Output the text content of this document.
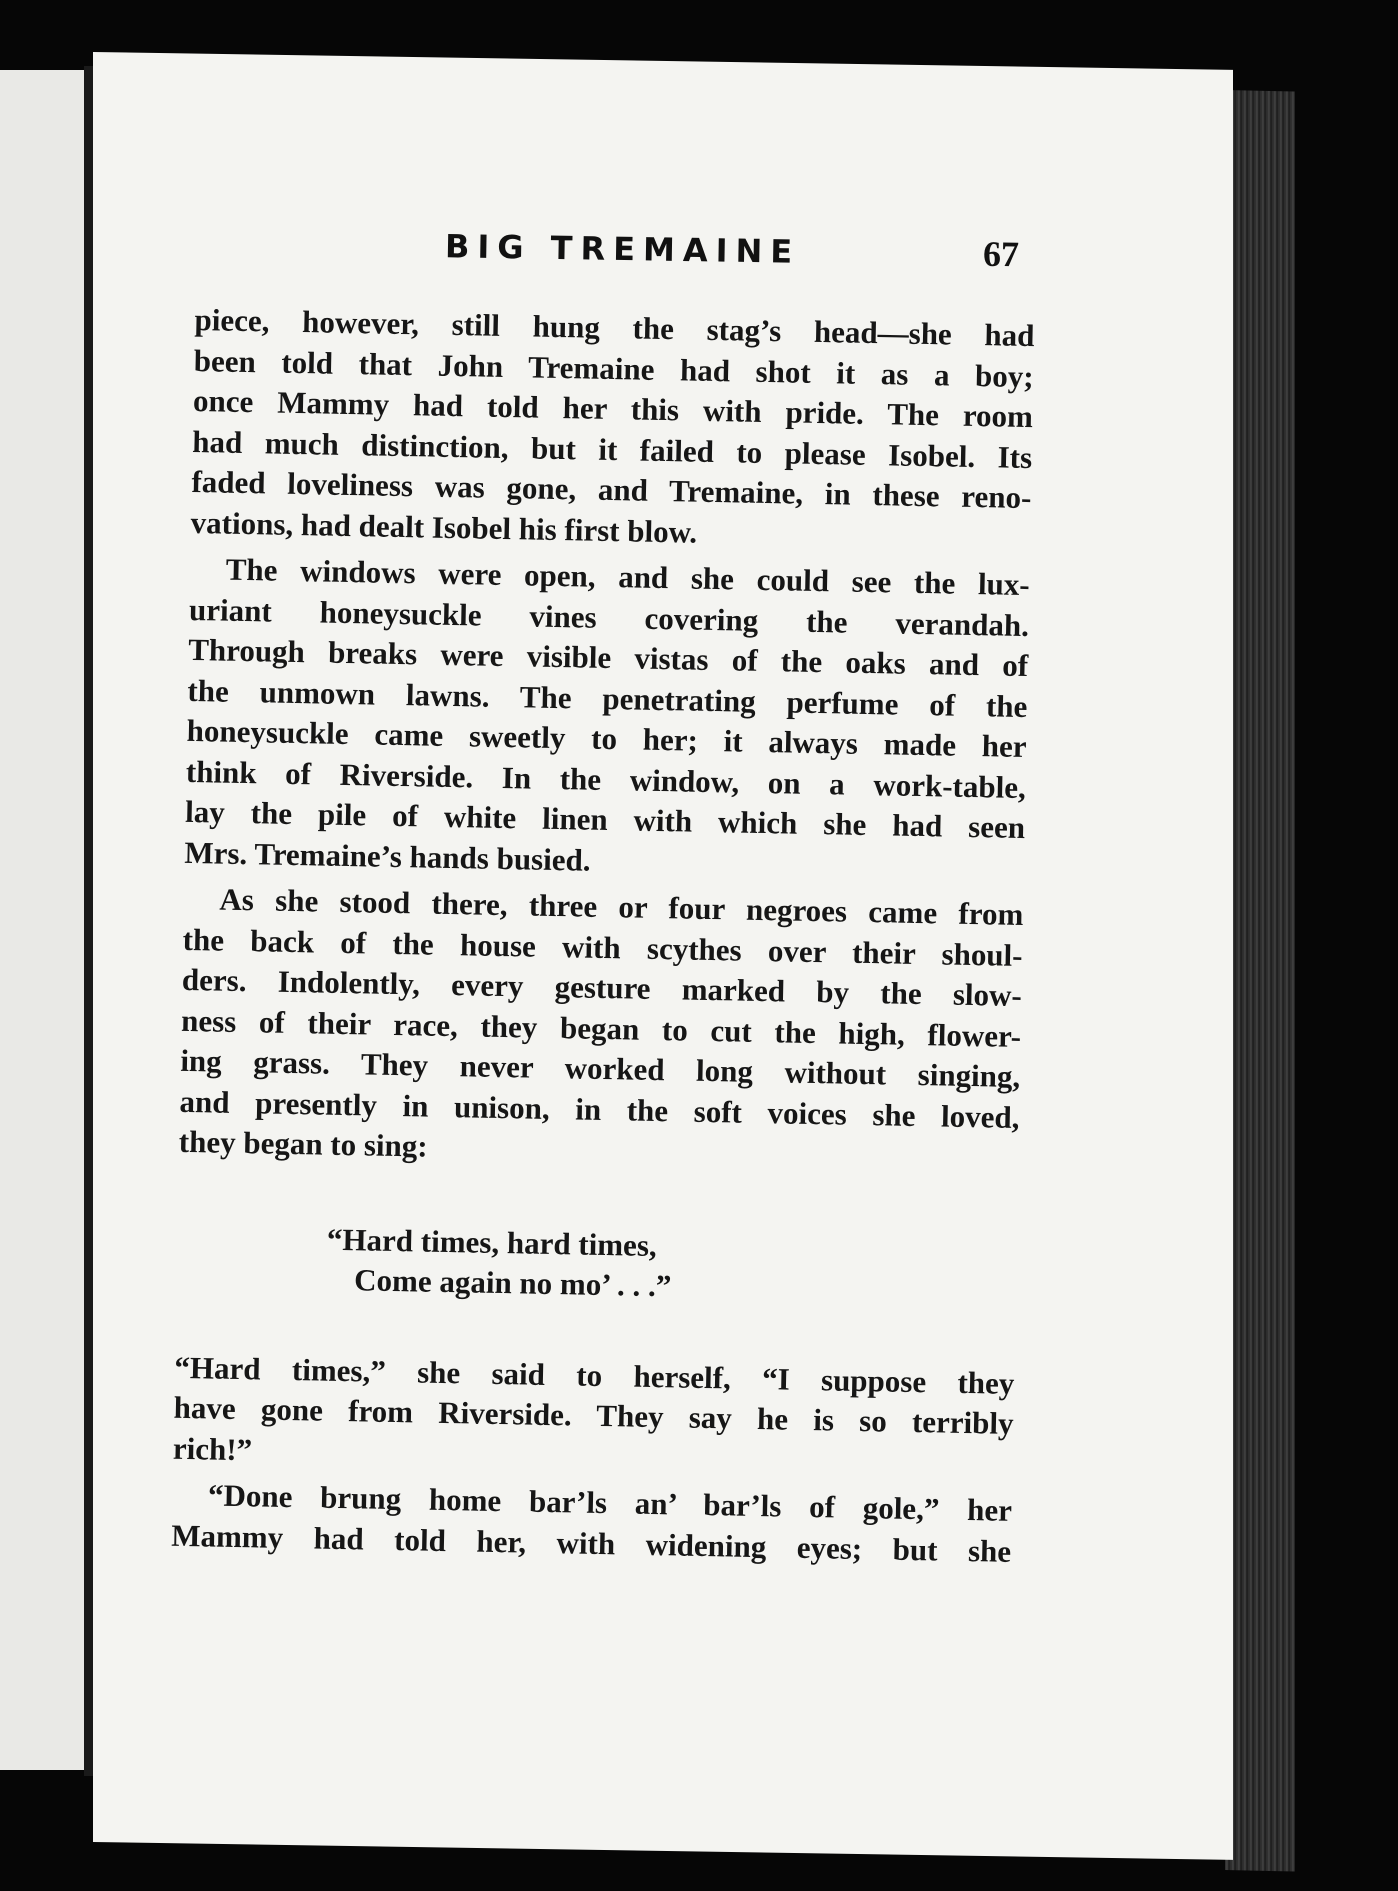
BIG TREMAINE	67
piece, however, still hung the stag’s head—she had
been told that John Tremaine had shot it as a boy;
once Mammy had told her this with pride. The room
had much distinction, but it failed to please Isobel. Its
faded loveliness was gone, and Tremaine, in these reno-
vations, had dealt Isobel his first blow.
The windows were open, and she could see the lux-
uriant honeysuckle vines covering the verandah.
Through breaks were visible vistas of the oaks and of
the unmown lawns. The penetrating perfume of the
honeysuckle came sweetly to her; it always made her
think of Riverside. In the window, on a work-table,
lay the pile of white linen with which she had seen
Mrs. Tremaine’s hands busied.
As she stood there, three or four negroes came from
the back of the house with scythes over their shoul-
ders. Indolently, every gesture marked by the slow-
ness of their race, they began to cut the high, flower-
ing grass. They never worked long without singing,
and presently in unison, in the soft voices she loved,
they began to sing:
“Hard times, hard times,
Come again no mo’ . . .”
“Hard times,” she said to herself, “I suppose they
have gone from Riverside. They say he is so terribly
rich!”
“Done brung home bar’ls an’ bar’ls of gole,” her
Mammy had told her, with widening eyes; but she
